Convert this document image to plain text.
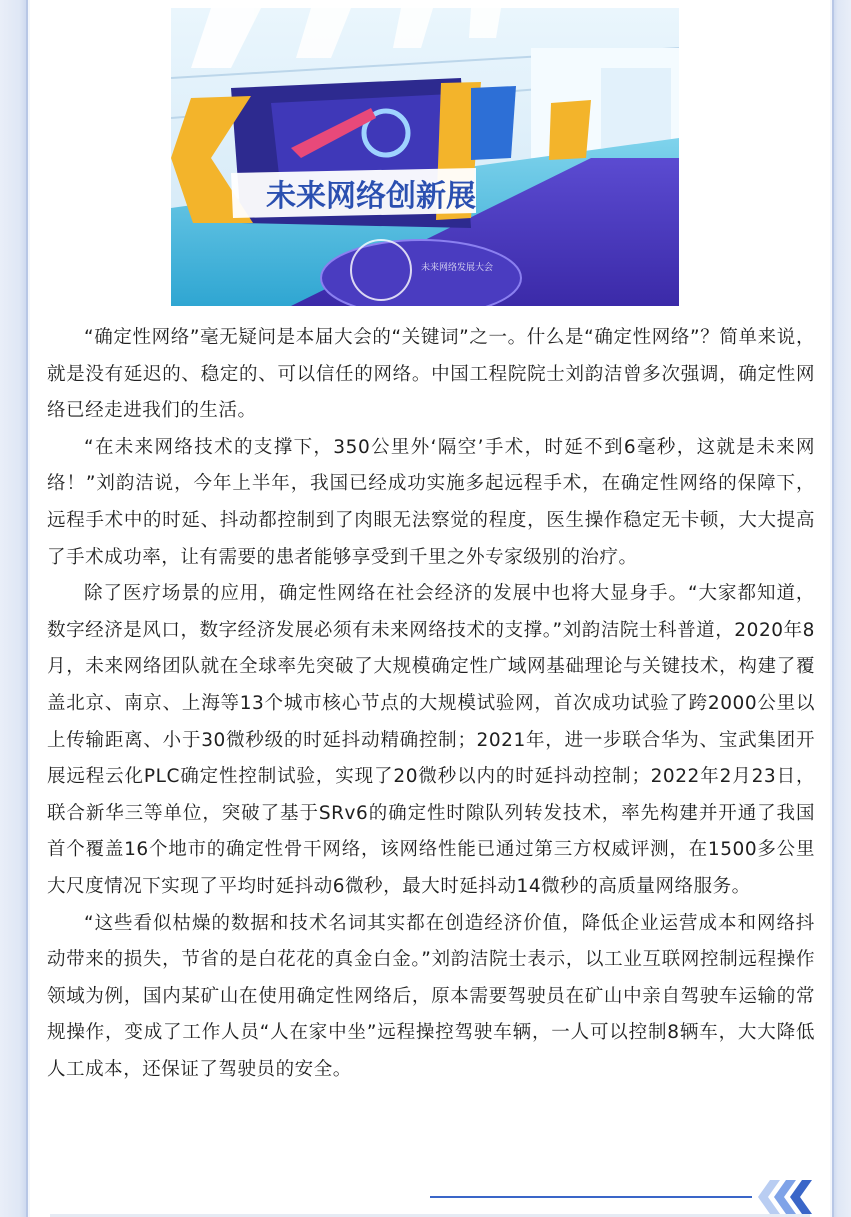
未来网络创新展
未来网络发展大会

“确定性网络”毫无疑问是本届大会的“关键词”之一。什么是“确定性网络”？简单来说，就是没有延迟的、稳定的、可以信任的网络。中国工程院院士刘韵洁曾多次强调，确定性网络已经走进我们的生活。

“在未来网络技术的支撑下，350公里外‘隔空’手术，时延不到6毫秒，这就是未来网络！”刘韵洁说，今年上半年，我国已经成功实施多起远程手术，在确定性网络的保障下，远程手术中的时延、抖动都控制到了肉眼无法察觉的程度，医生操作稳定无卡顿，大大提高了手术成功率，让有需要的患者能够享受到千里之外专家级别的治疗。

除了医疗场景的应用，确定性网络在社会经济的发展中也将大显身手。“大家都知道，数字经济是风口，数字经济发展必须有未来网络技术的支撑。”刘韵洁院士科普道，2020年8月，未来网络团队就在全球率先突破了大规模确定性广域网基础理论与关键技术，构建了覆盖北京、南京、上海等13个城市核心节点的大规模试验网，首次成功试验了跨2000公里以上传输距离、小于30微秒级的时延抖动精确控制；2021年，进一步联合华为、宝武集团开展远程云化PLC确定性控制试验，实现了20微秒以内的时延抖动控制；2022年2月23日，联合新华三等单位，突破了基于SRv6的确定性时隙队列转发技术，率先构建并开通了我国首个覆盖16个地市的确定性骨干网络，该网络性能已通过第三方权威评测，在1500多公里大尺度情况下实现了平均时延抖动6微秒，最大时延抖动14微秒的高质量网络服务。

“这些看似枯燥的数据和技术名词其实都在创造经济价值，降低企业运营成本和网络抖动带来的损失，节省的是白花花的真金白金。”刘韵洁院士表示，以工业互联网控制远程操作领域为例，国内某矿山在使用确定性网络后，原本需要驾驶员在矿山中亲自驾驶车运输的常规操作，变成了工作人员“人在家中坐”远程操控驾驶车辆，一人可以控制8辆车，大大降低人工成本，还保证了驾驶员的安全。
